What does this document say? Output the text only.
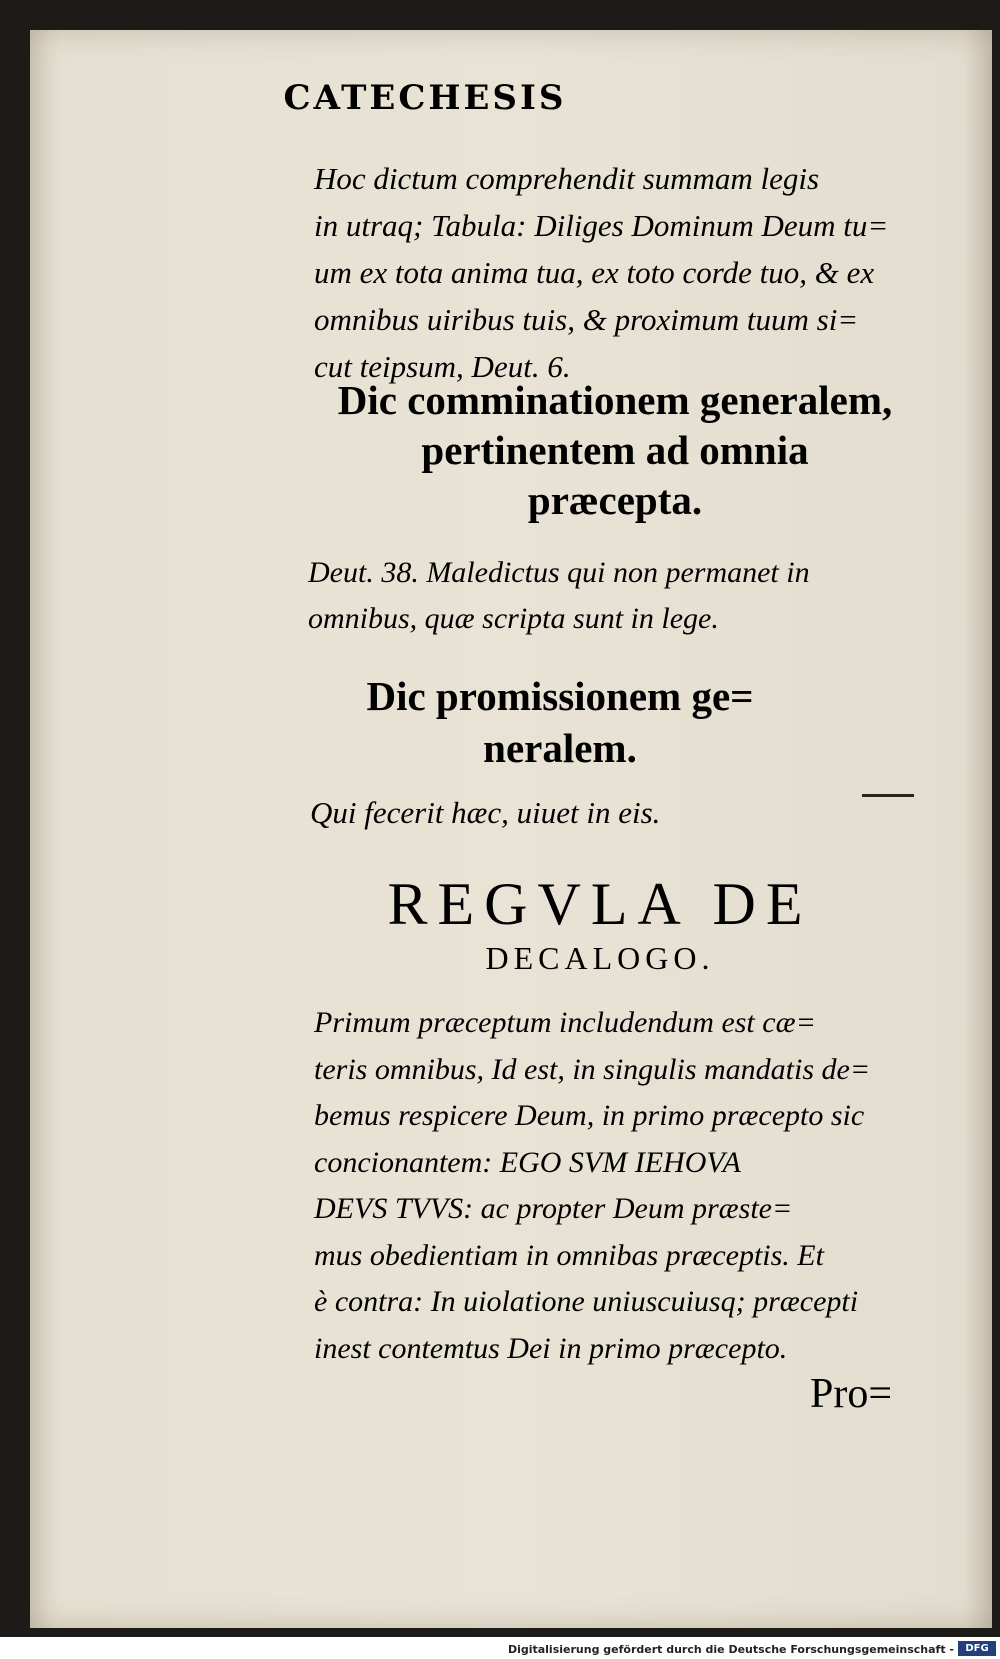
CATECHESIS

Hoc dictum comprehendit summam legis
in utraq; Tabula: Diliges Dominum Deum tu=
um ex tota anima tua, ex toto corde tuo, & ex
omnibus uiribus tuis, & proximum tuum si=
cut teipsum, Deut. 6.

Dic comminationem generalem,
pertinentem ad omnia
præcepta.

Deut. 38. Maledictus qui non permanet in
omnibus, quæ scripta sunt in lege.

Dic promissionem ge=
neralem.

Qui fecerit hæc, uiuet in eis.

REGVLA DE
DECALOGO.

Primum præceptum includendum est cæ=
teris omnibus, Id est, in singulis mandatis de=
bemus respicere Deum, in primo præcepto sic
concionantem: EGO SVM IEHOVA
DEVS TVVS: ac propter Deum præste=
mus obedientiam in omnibas præceptis. Et
è contra: In uiolatione uniuscuiusq; præcepti
inest contemtus Dei in primo præcepto.

Pro=

Digitalisierung gefördert durch die Deutsche Forschungsgemeinschaft -	DFG
